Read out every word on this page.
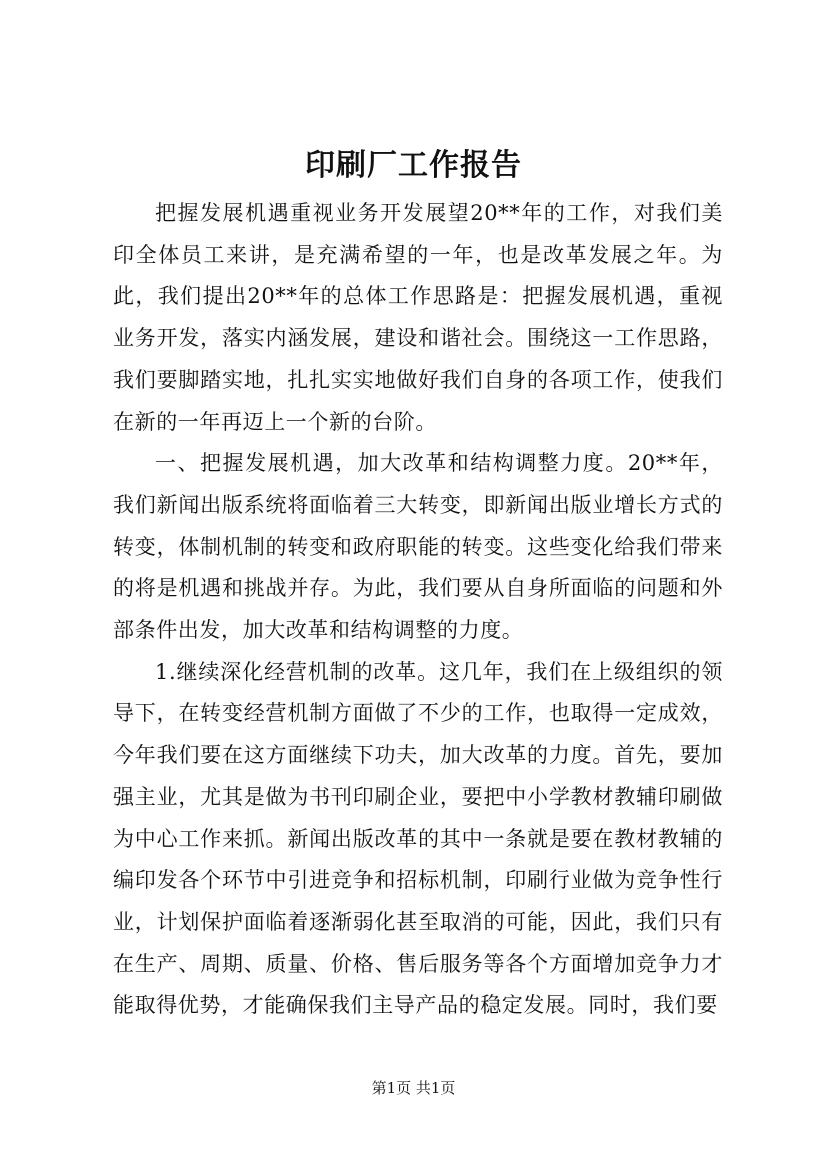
印刷厂工作报告

把握发展机遇重视业务开发展望20**年的工作，对我们美印全体员工来讲，是充满希望的一年，也是改革发展之年。为此，我们提出20**年的总体工作思路是：把握发展机遇，重视业务开发，落实内涵发展，建设和谐社会。围绕这一工作思路，我们要脚踏实地，扎扎实实地做好我们自身的各项工作，使我们在新的一年再迈上一个新的台阶。

一、把握发展机遇，加大改革和结构调整力度。20**年，我们新闻出版系统将面临着三大转变，即新闻出版业增长方式的转变，体制机制的转变和政府职能的转变。这些变化给我们带来的将是机遇和挑战并存。为此，我们要从自身所面临的问题和外部条件出发，加大改革和结构调整的力度。

1.继续深化经营机制的改革。这几年，我们在上级组织的领导下，在转变经营机制方面做了不少的工作，也取得一定成效，今年我们要在这方面继续下功夫，加大改革的力度。首先，要加强主业，尤其是做为书刊印刷企业，要把中小学教材教辅印刷做为中心工作来抓。新闻出版改革的其中一条就是要在教材教辅的编印发各个环节中引进竞争和招标机制，印刷行业做为竞争性行业，计划保护面临着逐渐弱化甚至取消的可能，因此，我们只有在生产、周期、质量、价格、售后服务等各个方面增加竞争力才能取得优势，才能确保我们主导产品的稳定发展。同时，我们要

第1页 共1页
